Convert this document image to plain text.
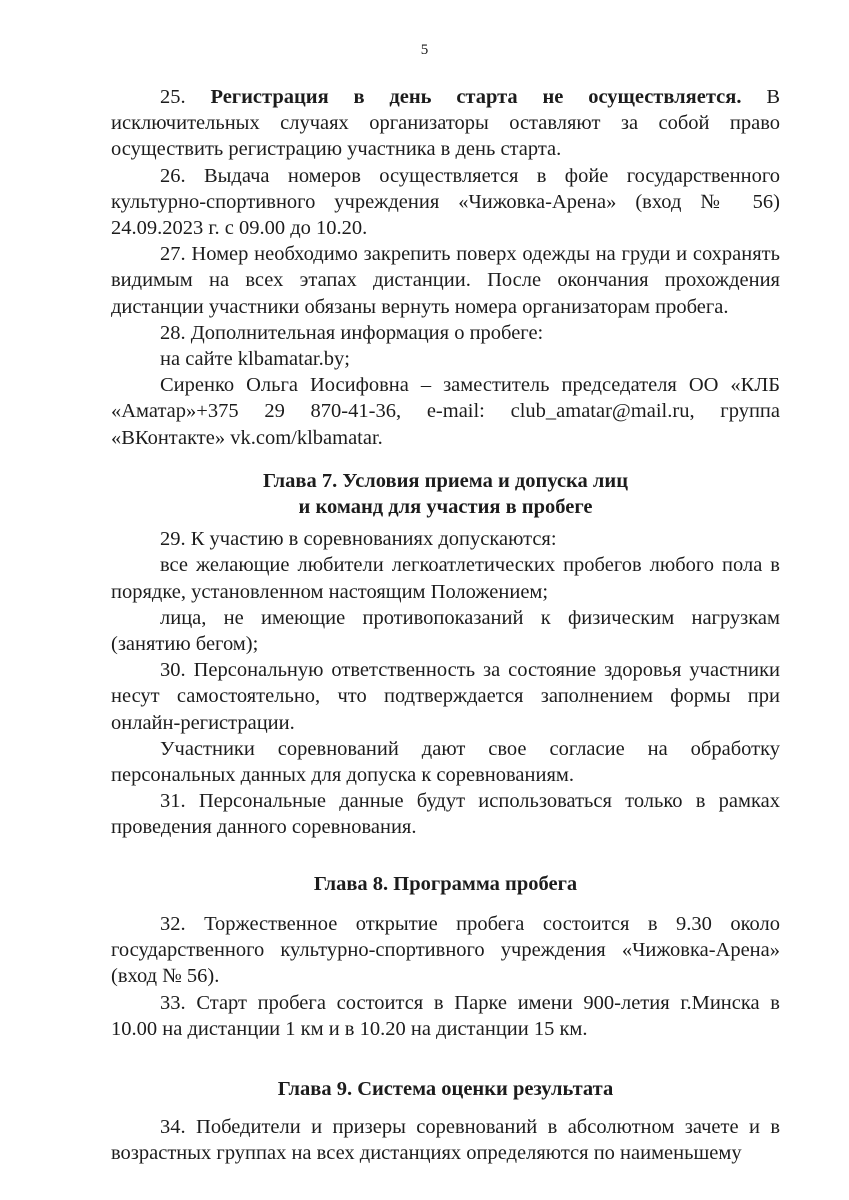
5

25. Регистрация в день старта не осуществляется. В исключительных случаях организаторы оставляют за собой право осуществить регистрацию участника в день старта.

26. Выдача номеров осуществляется в фойе государственного культурно-спортивного учреждения «Чижовка-Арена» (вход № 56) 24.09.2023 г. с 09.00 до 10.20.

27. Номер необходимо закрепить поверх одежды на груди и сохранять видимым на всех этапах дистанции. После окончания прохождения дистанции участники обязаны вернуть номера организаторам пробега.

28. Дополнительная информация о пробеге:

на сайте klbamatar.by;

Сиренко Ольга Иосифовна – заместитель председателя ОО «КЛБ «Аматар»+375 29 870-41-36, e-mail: club_amatar@mail.ru, группа «ВКонтакте» vk.com/klbamatar.

Глава 7. Условия приема и допуска лиц
и команд для участия в пробеге

29. К участию в соревнованиях допускаются:

все желающие любители легкоатлетических пробегов любого пола в порядке, установленном настоящим Положением;

лица, не имеющие противопоказаний к физическим нагрузкам (занятию бегом);

30. Персональную ответственность за состояние здоровья участники несут самостоятельно, что подтверждается заполнением формы при онлайн-регистрации.

Участники соревнований дают свое согласие на обработку персональных данных для допуска к соревнованиям.

31. Персональные данные будут использоваться только в рамках проведения данного соревнования.

Глава 8. Программа пробега

32. Торжественное открытие пробега состоится в 9.30 около государственного культурно-спортивного учреждения «Чижовка-Арена» (вход № 56).

33. Старт пробега состоится в Парке имени 900-летия г.Минска в 10.00 на дистанции 1 км и в 10.20 на дистанции 15 км.

Глава 9. Система оценки результата

34. Победители и призеры соревнований в абсолютном зачете и в возрастных группах на всех дистанциях определяются по наименьшему
